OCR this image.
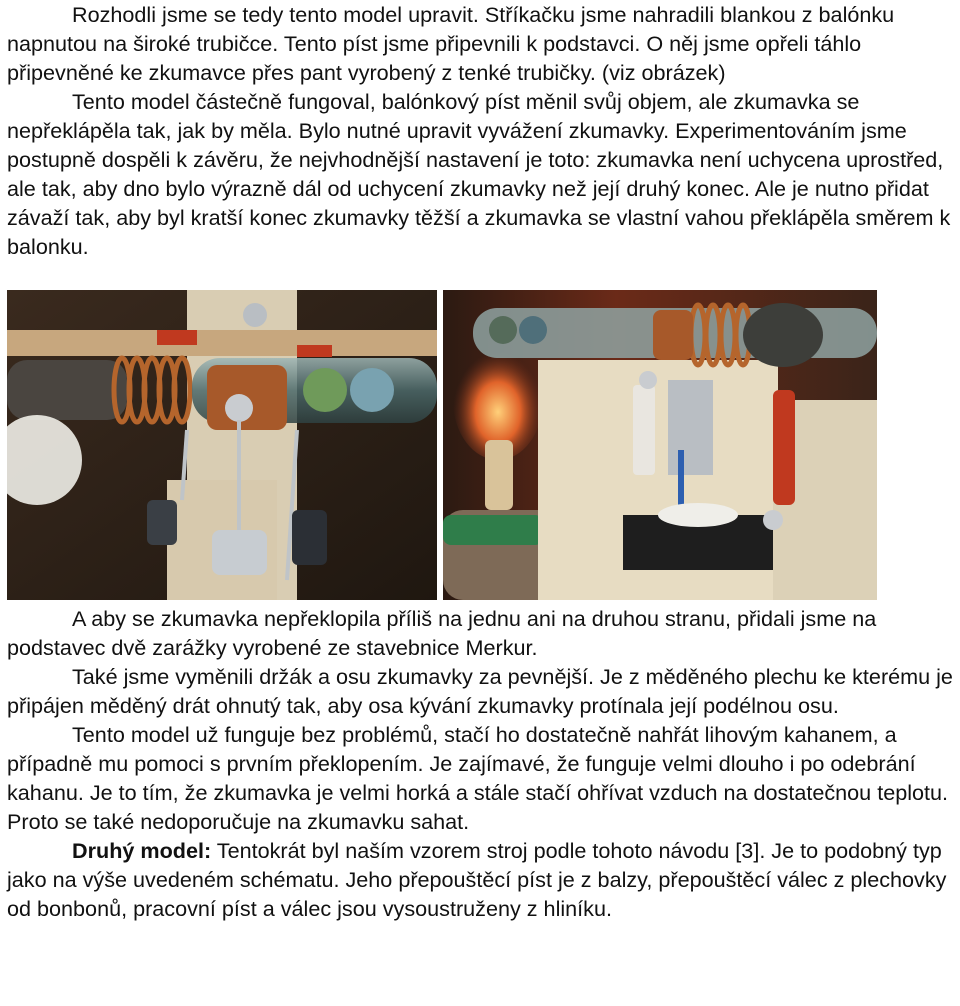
Rozhodli jsme se tedy tento model upravit. Stříkačku jsme nahradili blankou z balónku napnutou na široké trubičce. Tento píst jsme připevnili k podstavci. O něj jsme opřeli táhlo připevněné ke zkumavce přes pant vyrobený z tenké trubičky. (viz obrázek)

Tento model částečně fungoval, balónkový píst měnil svůj objem, ale zkumavka se nepřeklápěla tak, jak by měla. Bylo nutné upravit vyvážení zkumavky. Experimentováním jsme postupně dospěli k závěru, že nejvhodnější nastavení je toto: zkumavka není uchycena uprostřed, ale tak, aby dno bylo výrazně dál od uchycení zkumavky než její druhý konec. Ale je nutno přidat závaží tak, aby byl kratší konec zkumavky těžší a zkumavka se vlastní vahou překlápěla směrem k balonku.

A aby se zkumavka nepřeklopila příliš na jednu ani na druhou stranu, přidali jsme na podstavec dvě zarážky vyrobené ze stavebnice Merkur.

Také jsme vyměnili držák a osu zkumavky za pevnější. Je z měděného plechu ke kterému je připájen měděný drát ohnutý tak, aby osa kývání zkumavky protínala její podélnou osu.

Tento model už funguje bez problémů, stačí ho dostatečně nahřát lihovým kahanem, a případně mu pomoci s prvním překlopením. Je zajímavé, že funguje velmi dlouho i po odebrání kahanu. Je to tím, že zkumavka je velmi horká a stále stačí ohřívat vzduch na dostatečnou teplotu. Proto se také nedoporučuje na zkumavku sahat.

Druhý model: Tentokrát byl naším vzorem stroj podle tohoto návodu [3]. Je to podobný typ jako na výše uvedeném schématu. Jeho přepouštěcí píst je z balzy, přepouštěcí válec z plechovky od bonbonů, pracovní píst a válec jsou vysoustruženy z hliníku.
